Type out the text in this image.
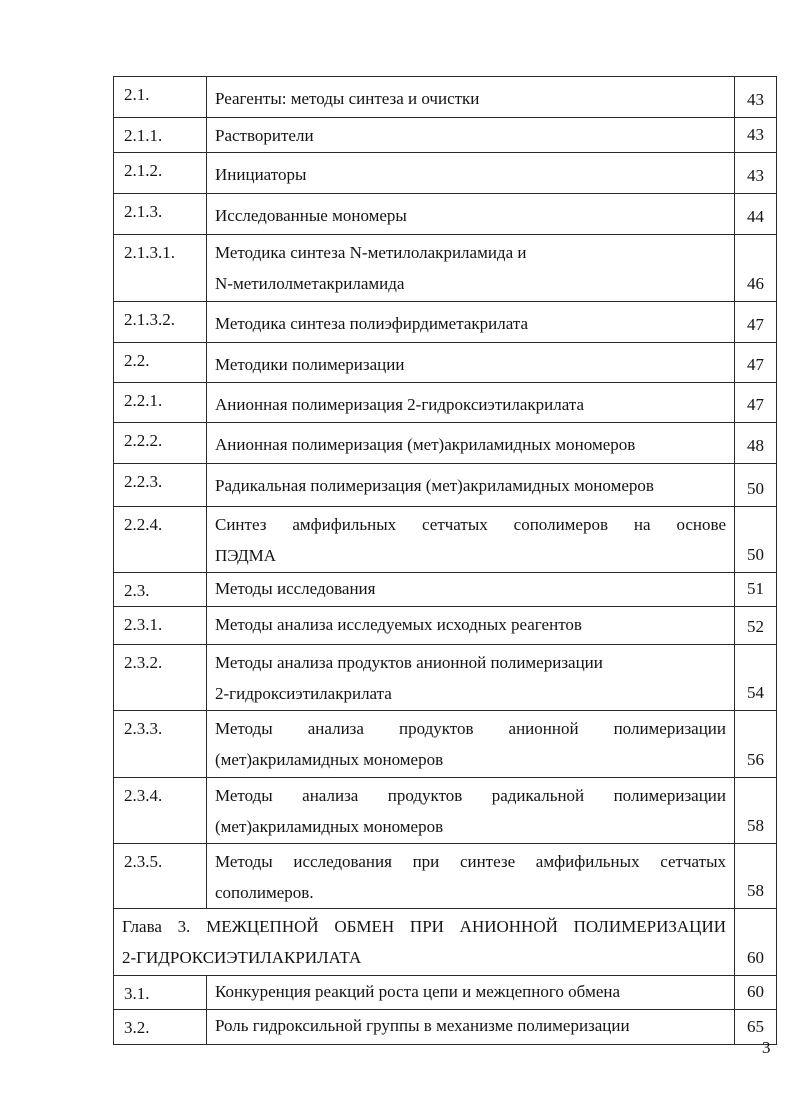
2.1.	Реагенты: методы синтеза и очистки	43
2.1.1.	Растворители	43
2.1.2.	Инициаторы	43
2.1.3.	Исследованные мономеры	44
2.1.3.1.	Методика синтеза N-метилолакриламида и
N-метилолметакриламида	46
2.1.3.2.	Методика синтеза полиэфирдиметакрилата	47
2.2.	Методики полимеризации	47
2.2.1.	Анионная полимеризация 2-гидроксиэтилакрилата	47
2.2.2.	Анионная полимеризация (мет)акриламидных мономеров	48
2.2.3.	Радикальная полимеризация (мет)акриламидных мономеров	50
2.2.4.	Синтез амфифильных сетчатых сополимеров на основе
ПЭДМА	50
2.3.	Методы исследования	51
2.3.1.	Методы анализа исследуемых исходных реагентов	52
2.3.2.	Методы анализа продуктов анионной полимеризации
2-гидроксиэтилакрилата	54
2.3.3.	Методы анализа продуктов анионной полимеризации
(мет)акриламидных мономеров	56
2.3.4.	Методы анализа продуктов радикальной полимеризации
(мет)акриламидных мономеров	58
2.3.5.	Методы исследования при синтезе амфифильных сетчатых
сополимеров.	58

Глава 3. МЕЖЦЕПНОЙ ОБМЕН ПРИ АНИОННОЙ ПОЛИМЕРИЗАЦИИ
2-ГИДРОКСИЭТИЛАКРИЛАТА		60
3.1.	Конкуренция реакций роста цепи и межцепного обмена	60
3.2.	Роль гидроксильной группы в механизме полимеризации	65
3
